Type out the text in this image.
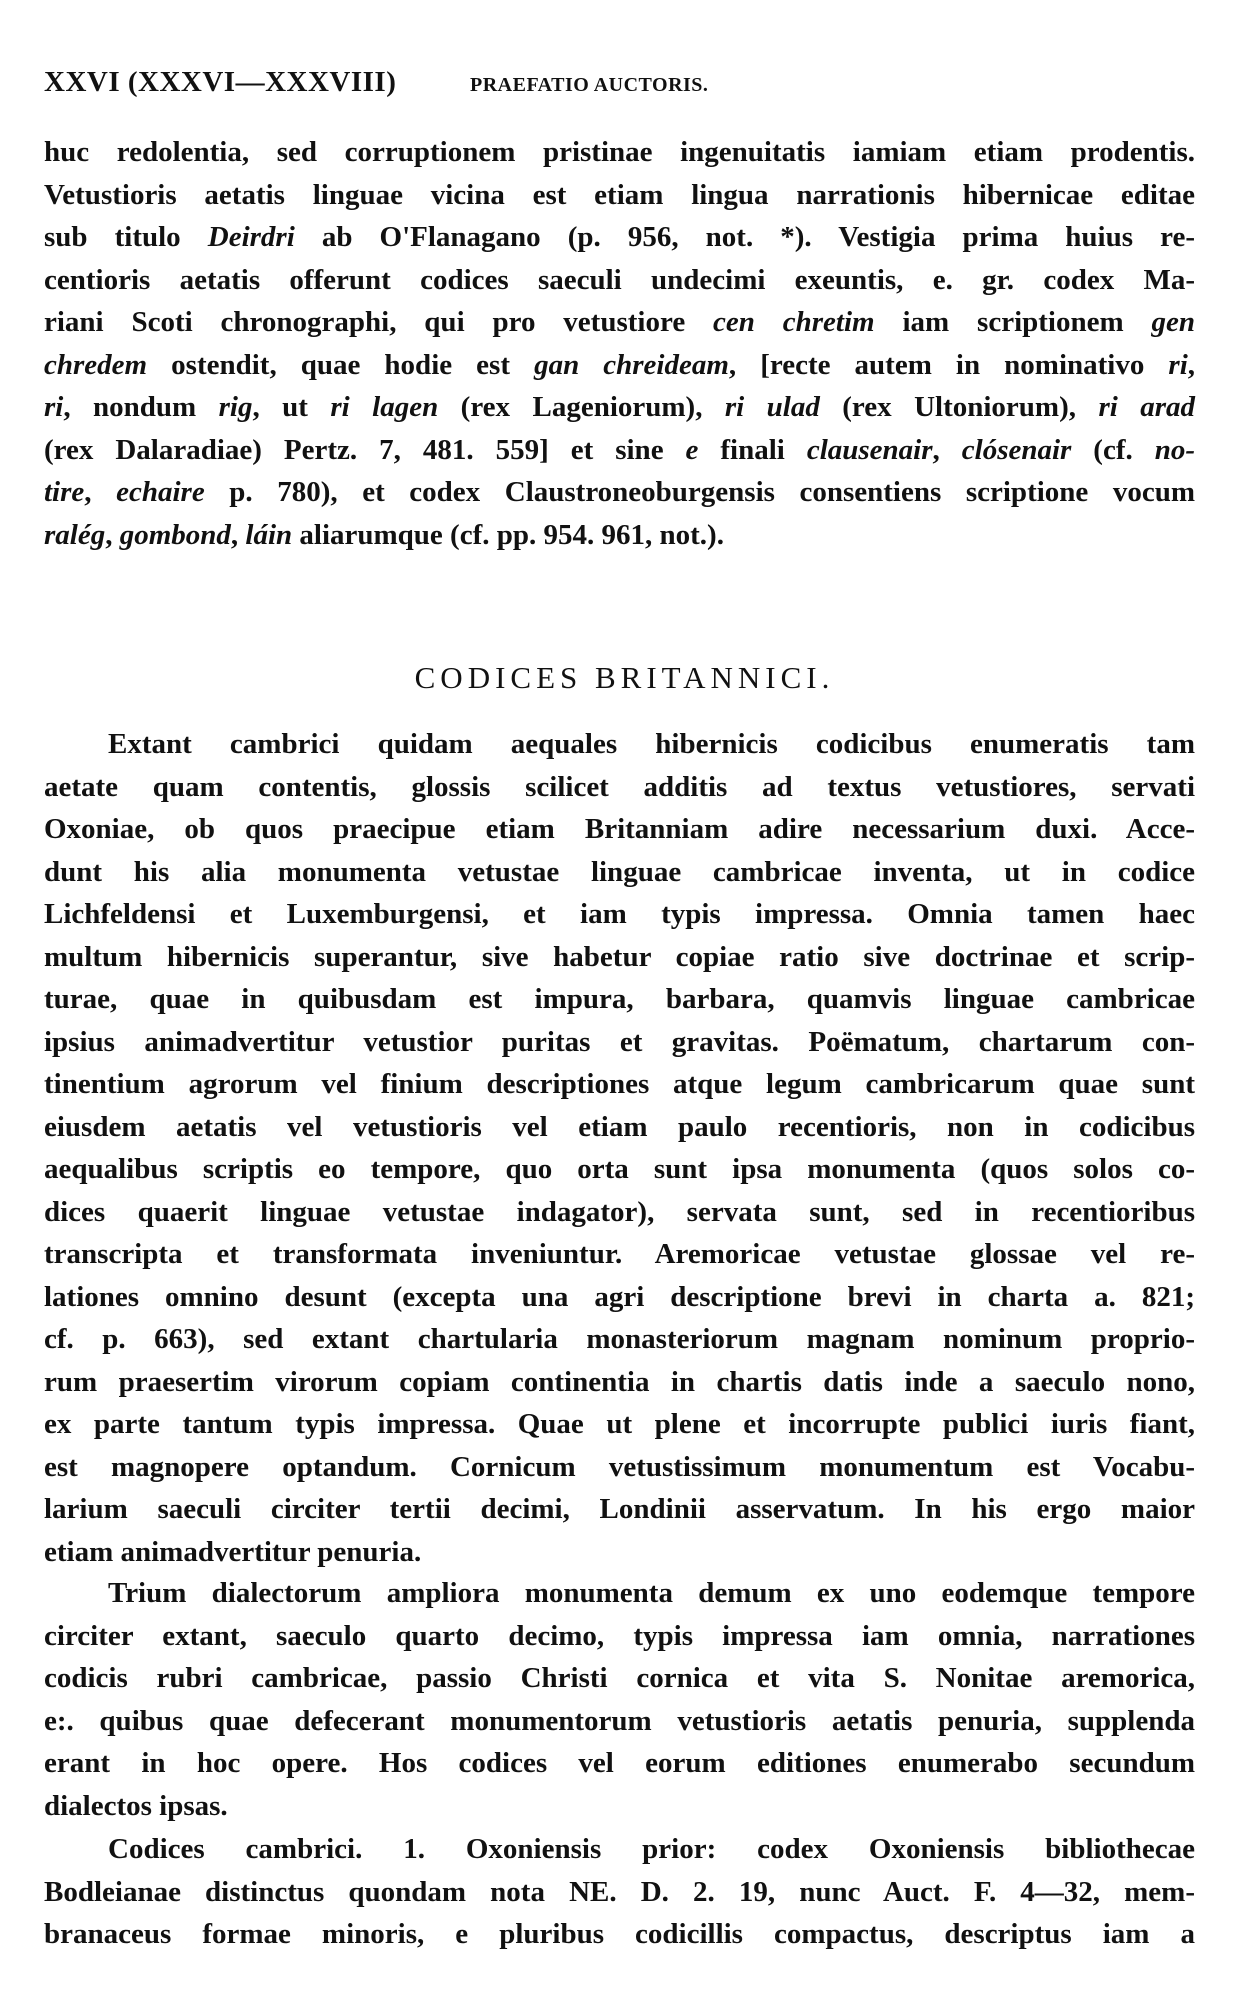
XXVI (XXXVI—XXXVIII)	PRAEFATIO AUCTORIS.
huc redolentia, sed corruptionem pristinae ingenuitatis iamiam etiam prodentis.
Vetustioris aetatis linguae vicina est etiam lingua narrationis hibernicae editae
sub titulo Deirdri ab O'Flanagano (p. 956, not. *). Vestigia prima huius re-
centioris aetatis offerunt codices saeculi undecimi exeuntis, e. gr. codex Ma-
riani Scoti chronographi, qui pro vetustiore cen chretim iam scriptionem gen
chredem ostendit, quae hodie est gan chreideam, [recte autem in nominativo ri,
ri, nondum rig, ut ri lagen (rex Lageniorum), ri ulad (rex Ultoniorum), ri arad
(rex Dalaradiae) Pertz. 7, 481. 559] et sine e finali clausenair, clósenair (cf. no-
tire, echaire p. 780), et codex Claustroneoburgensis consentiens scriptione vocum
ralég, gombond, láin aliarumque (cf. pp. 954. 961, not.).
CODICES BRITANNICI.
Extant cambrici quidam aequales hibernicis codicibus enumeratis tam
aetate quam contentis, glossis scilicet additis ad textus vetustiores, servati
Oxoniae, ob quos praecipue etiam Britanniam adire necessarium duxi. Acce-
dunt his alia monumenta vetustae linguae cambricae inventa, ut in codice
Lichfeldensi et Luxemburgensi, et iam typis impressa. Omnia tamen haec
multum hibernicis superantur, sive habetur copiae ratio sive doctrinae et scrip-
turae, quae in quibusdam est impura, barbara, quamvis linguae cambricae
ipsius animadvertitur vetustior puritas et gravitas. Poëmatum, chartarum con-
tinentium agrorum vel finium descriptiones atque legum cambricarum quae sunt
eiusdem aetatis vel vetustioris vel etiam paulo recentioris, non in codicibus
aequalibus scriptis eo tempore, quo orta sunt ipsa monumenta (quos solos co-
dices quaerit linguae vetustae indagator), servata sunt, sed in recentioribus
transcripta et transformata inveniuntur. Aremoricae vetustae glossae vel re-
lationes omnino desunt (excepta una agri descriptione brevi in charta a. 821;
cf. p. 663), sed extant chartularia monasteriorum magnam nominum proprio-
rum praesertim virorum copiam continentia in chartis datis inde a saeculo nono,
ex parte tantum typis impressa. Quae ut plene et incorrupte publici iuris fiant,
est magnopere optandum. Cornicum vetustissimum monumentum est Vocabu-
larium saeculi circiter tertii decimi, Londinii asservatum. In his ergo maior
etiam animadvertitur penuria.
Trium dialectorum ampliora monumenta demum ex uno eodemque tempore
circiter extant, saeculo quarto decimo, typis impressa iam omnia, narrationes
codicis rubri cambricae, passio Christi cornica et vita S. Nonitae aremorica,
e:. quibus quae defecerant monumentorum vetustioris aetatis penuria, supplenda
erant in hoc opere. Hos codices vel eorum editiones enumerabo secundum
dialectos ipsas.
Codices cambrici. 1. Oxoniensis prior: codex Oxoniensis bibliothecae
Bodleianae distinctus quondam nota NE. D. 2. 19, nunc Auct. F. 4—32, mem-
branaceus formae minoris, e pluribus codicillis compactus, descriptus iam a
